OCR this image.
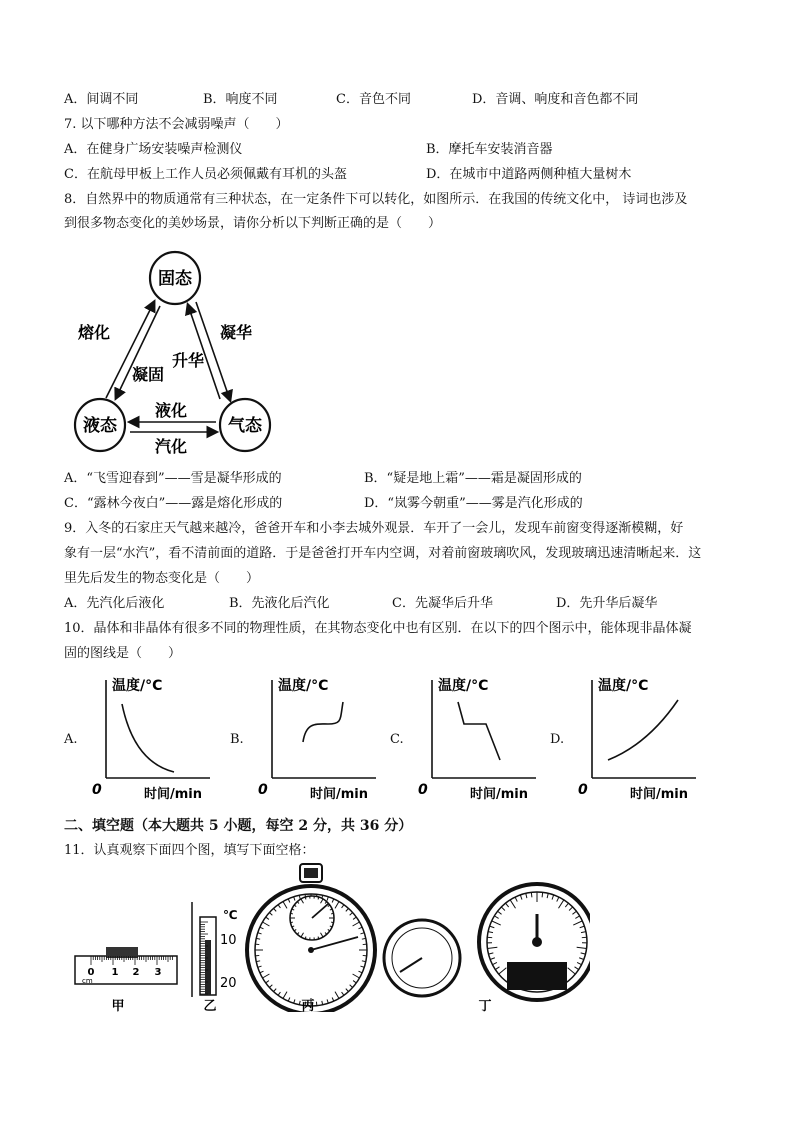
A．间调不同	B．响度不同	C．音色不同	D．音调、响度和音色都不同
7. 以下哪种方法不会减弱噪声（　　）
A．在健身广场安装噪声检测仪	B．摩托车安装消音器
C．在航母甲板上工作人员必须佩戴有耳机的头盔	D．在城市中道路两侧种植大量树木
8．自然界中的物质通常有三种状态，在一定条件下可以转化，如图所示．在我国的传统文化中， 诗词也涉及
到很多物态变化的美妙场景，请你分析以下判断正确的是（　　）
固态
液态	气态
熔化
凝固
升华
凝华
液化
汽化
A．“飞雪迎春到”——雪是凝华形成的	B．“疑是地上霜”——霜是凝固形成的
C．“露林今夜白”——露是熔化形成的	D．“岚雾今朝重”——雾是汽化形成的
9．入冬的石家庄天气越来越冷，爸爸开车和小李去城外观景．车开了一会儿，发现车前窗变得逐渐模糊，好
象有一层“水汽”，看不清前面的道路．于是爸爸打开车内空调，对着前窗玻璃吹风，发现玻璃迅速清晰起来．这
里先后发生的物态变化是（　　）
A．先汽化后液化	B．先液化后汽化	C．先凝华后升华	D．先升华后凝华
10．晶体和非晶体有很多不同的物理性质，在其物态变化中也有区别．在以下的四个图示中，能体现非晶体凝
固的图线是（　　）
A.
温度/°C
时间/min
0
B.
温度/°C
时间/min
0
C.
温度/°C
时间/min
0
D.
温度/°C
时间/min
0
二、填空题（本大题共 5 小题，每空 2 分，共 36 分）
11．认真观察下面四个图，填写下面空格：
0 1 2 3
cm
℃
10
20
甲	乙	丙	丁
